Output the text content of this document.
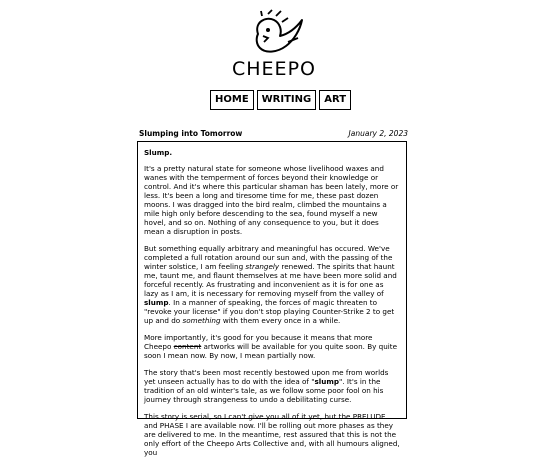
CHEEPO
HOME	WRITING	ART
Slumping into Tomorrow	January 2, 2023

Slump.

It's a pretty natural state for someone whose livelihood waxes and wanes with the temperment of forces beyond their knowledge or control. And it's where this particular shaman has been lately, more or less. It's been a long and tiresome time for me, these past dozen moons. I was dragged into the bird realm, climbed the mountains a mile high only before descending to the sea, found myself a new hovel, and so on. Nothing of any consequence to you, but it does mean a disruption in posts.

But something equally arbitrary and meaningful has occured. We've completed a full rotation around our sun and, with the passing of the winter solstice, I am feeling strangely renewed. The spirits that haunt me, taunt me, and flaunt themselves at me have been more solid and forceful recently. As frustrating and inconvenient as it is for one as lazy as I am, it is necessary for removing myself from the valley of slump. In a manner of speaking, the forces of magic threaten to "revoke your license" if you don't stop playing Counter-Strike 2 to get up and do something with them every once in a while.

More importantly, it's good for you because it means that more Cheepo content artworks will be available for you quite soon. By quite soon I mean now. By now, I mean partially now.

The story that's been most recently bestowed upon me from worlds yet unseen actually has to do with the idea of "slump". It's in the tradition of an old winter's tale, as we follow some poor fool on his journey through strangeness to undo a debilitating curse.

This story is serial, so I can't give you all of it yet, but the PRELUDE and PHASE I are available now. I'll be rolling out more phases as they are delivered to me. In the meantime, rest assured that this is not the only effort of the Cheepo Arts Collective and, with all humours aligned, you
